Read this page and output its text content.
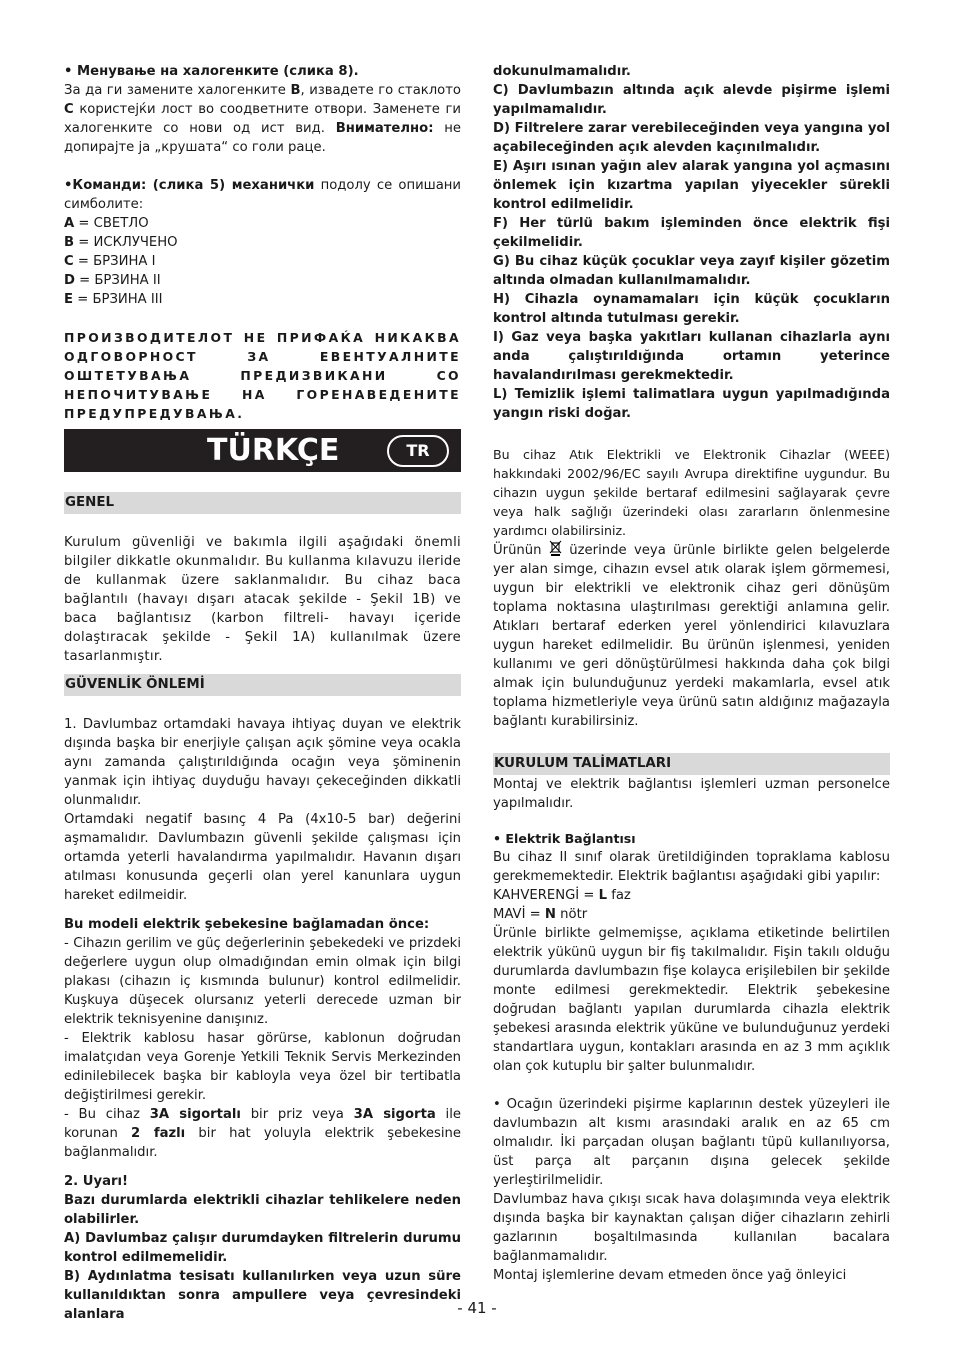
• Менување на халогенките (слика 8).
За да ги замените халогенките B, извадете го стаклото C користејќи лост во соодветните отвори. Заменете ги халогенките со нови од ист вид. Внимателно: не допирајте ја „крушата“ со голи раце.

•Команди: (слика 5) механички подолу се опишани симболите:
A = СВЕТЛО
B = ИСКЛУЧЕНО
C = БРЗИНА I
D = БРЗИНА II
E = БРЗИНА III

ПРОИЗВОДИТЕЛОТ НЕ ПРИФАЌА НИКАКВА ОДГОВОРНОСТ ЗА ЕВЕНТУАЛНИТЕ ОШТЕТУВАЊА ПРЕДИЗВИКАНИ СО НЕПОЧИТУВАЊЕ НА ГОРЕНАВЕДЕНИТЕ ПРЕДУПРЕДУВАЊА.

TÜRKÇE	TR
GENEL

Kurulum güvenliği ve bakımla ilgili aşağıdaki önemli bilgiler dikkatle okunmalıdır. Bu kullanma kılavuzu ileride de kullanmak üzere saklanmalıdır. Bu cihaz baca bağlantılı (havayı dışarı atacak şekilde - Şekil 1B) ve baca bağlantısız (karbon filtreli- havayı içeride dolaştıracak şekilde - Şekil 1A) kullanılmak üzere tasarlanmıştır.

GÜVENLİK ÖNLEMİ

1. Davlumbaz ortamdaki havaya ihtiyaç duyan ve elektrik dışında başka bir enerjiyle çalışan açık şömine veya ocakla aynı zamanda çalıştırıldığında ocağın veya şöminenin yanmak için ihtiyaç duyduğu havayı çekeceğinden dikkatli olunmalıdır.

Ortamdaki negatif basınç 4 Pa (4x10-5 bar) değerini aşmamalıdır. Davlumbazın güvenli şekilde çalışması için ortamda yeterli havalandırma yapılmalıdır. Havanın dışarı atılması konusunda geçerli olan yerel kanunlara uygun hareket edilmeidir.

Bu modeli elektrik şebekesine bağlamadan önce:

- Cihazın gerilim ve güç değerlerinin şebekedeki ve prizdeki değerlere uygun olup olmadığından emin olmak için bilgi plakası (cihazın iç kısmında bulunur) kontrol edilmelidir. Kuşkuya düşecek olursanız yeterli derecede uzman bir elektrik teknisyenine danışınız.

- Elektrik kablosu hasar görürse, kablonun doğrudan imalatçıdan veya Gorenje Yetkili Teknik Servis Merkezinden edinilebilecek başka bir kabloyla veya özel bir tertibatla değiştirilmesi gerekir.

- Bu cihaz 3A sigortalı bir priz veya 3A sigorta ile korunan 2 fazlı bir hat yoluyla elektrik şebekesine bağlanmalıdır.

2. Uyarı!

Bazı durumlarda elektrikli cihazlar tehlikelere neden olabilirler.

A) Davlumbaz çalışır durumdayken filtrelerin durumu kontrol edilmemelidir.

B) Aydınlatma tesisatı kullanılırken veya uzun süre kullanıldıktan sonra ampullere veya çevresindeki alanlara

dokunulmamalıdır.

C) Davlumbazın altında açık alevde pişirme işlemi yapılmamalıdır.

D) Filtrelere zarar verebileceğinden veya yangına yol açabileceğinden açık alevden kaçınılmalıdır.

E) Aşırı ısınan yağın alev alarak yangına yol açmasını önlemek için kızartma yapılan yiyecekler sürekli kontrol edilmelidir.

F) Her türlü bakım işleminden önce elektrik fişi çekilmelidir.

G) Bu cihaz küçük çocuklar veya zayıf kişiler gözetim altında olmadan kullanılmamalıdır.

H) Cihazla oynamamaları için küçük çocukların kontrol altında tutulması gerekir.

I) Gaz veya başka yakıtları kullanan cihazlarla aynı anda çalıştırıldığında ortamın yeterince havalandırılması gerekmektedir.

L) Temizlik işlemi talimatlara uygun yapılmadığında yangın riski doğar.

Bu cihaz Atık Elektrikli ve Elektronik Cihazlar (WEEE) hakkındaki 2002/96/EC sayılı Avrupa direktifine uygundur. Bu cihazın uygun şekilde bertaraf edilmesini sağlayarak çevre veya halk sağlığı üzerindeki olası zararların önlenmesine yardımcı olabilirsiniz.

Ürünün  üzerinde veya ürünle birlikte gelen belgelerde yer alan simge, cihazın evsel atık olarak işlem görmemesi, uygun bir elektrikli ve elektronik cihaz geri dönüşüm toplama noktasına ulaştırılması gerektiği anlamına gelir. Atıkları bertaraf ederken yerel yönlendirici kılavuzlara uygun hareket edilmelidir. Bu ürünün işlenmesi, yeniden kullanımı ve geri dönüştürülmesi hakkında daha çok bilgi almak için bulunduğunuz yerdeki makamlarla, evsel atık toplama hizmetleriyle veya ürünü satın aldığınız mağazayla bağlantı kurabilirsiniz.

KURULUM TALİMATLARI

Montaj ve elektrik bağlantısı işlemleri uzman personelce yapılmalıdır.

• Elektrik Bağlantısı

Bu cihaz II sınıf olarak üretildiğinden topraklama kablosu gerekmemektedir. Elektrik bağlantısı aşağıdaki gibi yapılır:

KAHVERENGİ = L faz

MAVİ = N nötr

Ürünle birlikte gelmemişse, açıklama etiketinde belirtilen elektrik yükünü uygun bir fiş takılmalıdır. Fişin takılı olduğu durumlarda davlumbazın fişe kolayca erişilebilen bir şekilde monte edilmesi gerekmektedir. Elektrik şebekesine doğrudan bağlantı yapılan durumlarda cihazla elektrik şebekesi arasında elektrik yüküne ve bulunduğunuz yerdeki standartlara uygun, kontakları arasında en az 3 mm açıklık olan çok kutuplu bir şalter bulunmalıdır.

• Ocağın üzerindeki pişirme kaplarının destek yüzeyleri ile davlumbazın alt kısmı arasındaki aralık en az 65 cm olmalıdır. İki parçadan oluşan bağlantı tüpü kullanılıyorsa, üst parça alt parçanın dışına gelecek şekilde yerleştirilmelidir.

Davlumbaz hava çıkışı sıcak hava dolaşımında veya elektrik dışında başka bir kaynaktan çalışan diğer cihazların zehirli gazlarının boşaltılmasında kullanılan bacalara bağlanmamalıdır.

Montaj işlemlerine devam etmeden önce yağ önleyici

- 41 -
